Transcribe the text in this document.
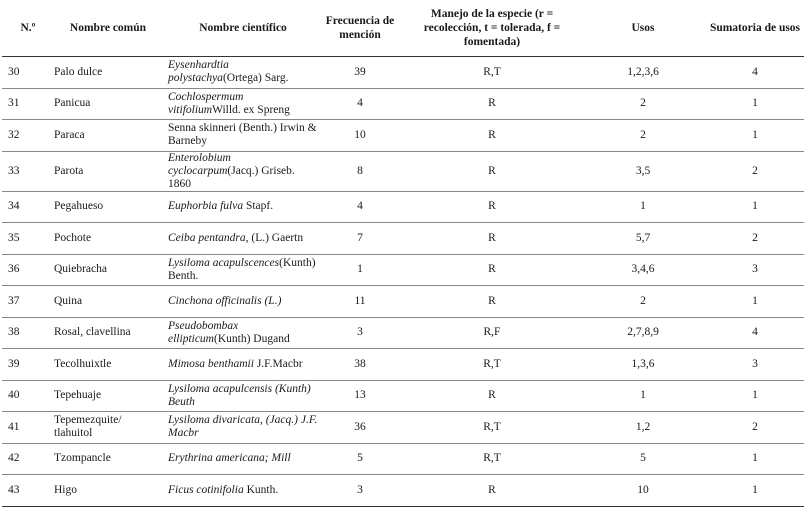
N.º	Nombre común	Nombre científico	Frecuencia de mención	Manejo de la especie (r = recolección, t = tolerada, f = fomentada)	Usos	Sumatoria de usos
30	Palo dulce	Eysenhardtia polystachya(Ortega) Sarg.	39	R,T	1,2,3,6	4
31	Panicua	Cochlospermum vitifoliumWilld. ex Spreng	4	R	2	1
32	Paraca	Senna skinneri (Benth.) Irwin & Barneby	10	R	2	1
33	Parota	Enterolobium cyclocarpum(Jacq.) Griseb. 1860	8	R	3,5	2
34	Pegahueso	Euphorbia fulva Stapf.	4	R	1	1
35	Pochote	Ceiba pentandra, (L.) Gaertn	7	R	5,7	2
36	Quiebracha	Lysiloma acapulscences(Kunth) Benth.	1	R	3,4,6	3
37	Quina	Cinchona officinalis (L.)	11	R	2	1
38	Rosal, clavellina	Pseudobombax ellipticum(Kunth) Dugand	3	R,F	2,7,8,9	4
39	Tecolhuixtle	Mimosa benthamii J.F.Macbr	38	R,T	1,3,6	3
40	Tepehuaje	Lysiloma acapulcensis (Kunth) Beuth	13	R	1	1
41	Tepemezquite/ tlahuitol	Lysiloma divaricata, (Jacq.) J.F. Macbr	36	R,T	1,2	2
42	Tzompancle	Erythrina americana; Mill	5	R,T	5	1
43	Higo	Ficus cotinifolia Kunth.	3	R	10	1
